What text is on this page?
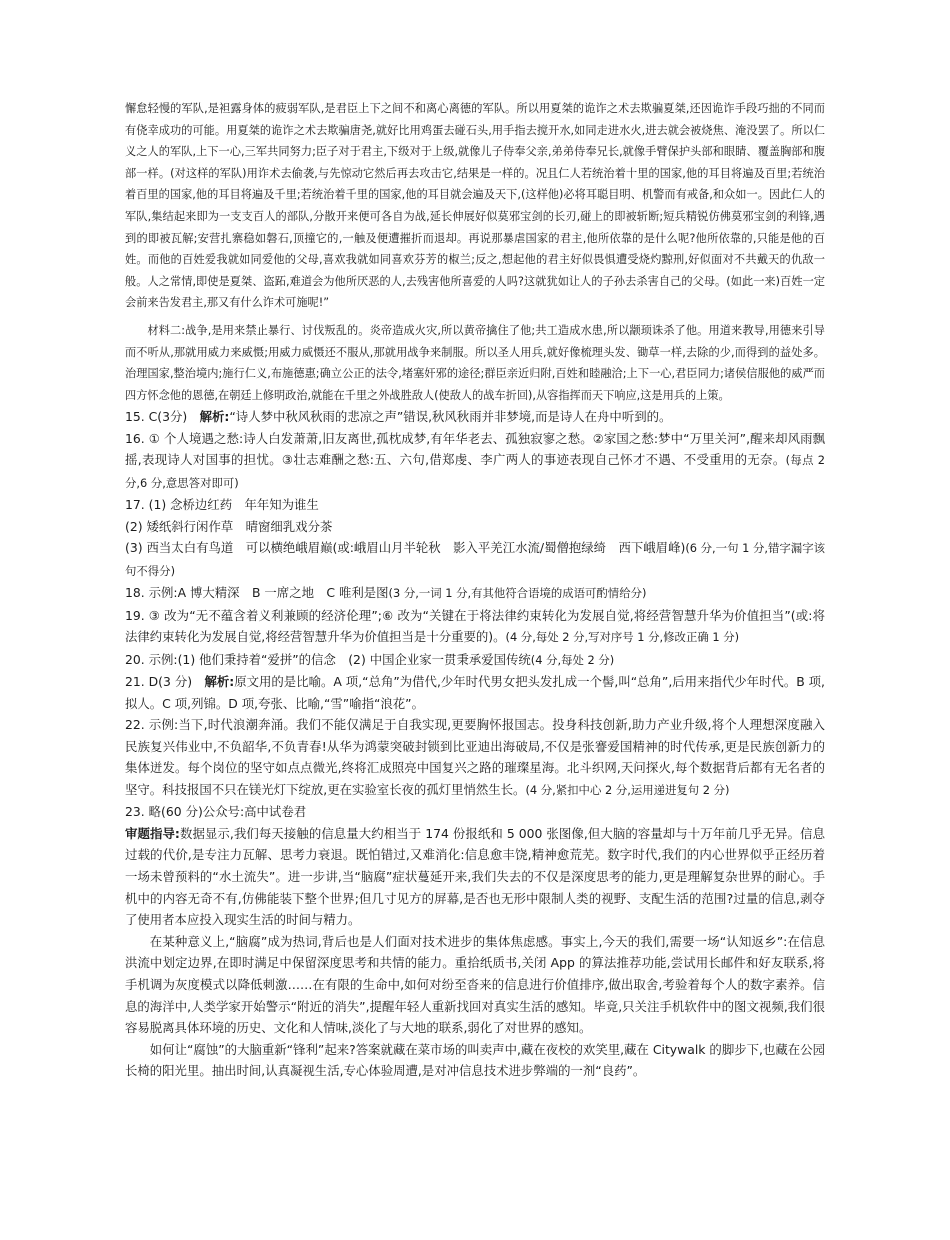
懈怠轻慢的军队,是袒露身体的疲弱军队,是君臣上下之间不和离心离德的军队。所以用夏桀的诡诈之术去欺骗夏桀,还因诡诈手段巧拙的不同而有侥幸成功的可能。用夏桀的诡诈之术去欺骗唐尧,就好比用鸡蛋去碰石头,用手指去搅开水,如同走进水火,进去就会被烧焦、淹没罢了。所以仁义之人的军队,上下一心,三军共同努力;臣子对于君主,下级对于上级,就像儿子侍奉父亲,弟弟侍奉兄长,就像手臂保护头部和眼睛、覆盖胸部和腹部一样。(对这样的军队)用诈术去偷袭,与先惊动它然后再去攻击它,结果是一样的。况且仁人若统治着十里的国家,他的耳目将遍及百里;若统治着百里的国家,他的耳目将遍及千里;若统治着千里的国家,他的耳目就会遍及天下,(这样他)必将耳聪目明、机警而有戒备,和众如一。因此仁人的军队,集结起来即为一支支百人的部队,分散开来便可各自为战,延长伸展好似莫邪宝剑的长刃,碰上的即被斩断;短兵精锐仿佛莫邪宝剑的利锋,遇到的即被瓦解;安营扎寨稳如磐石,顶撞它的,一触及便遭摧折而退却。再说那暴虐国家的君主,他所依靠的是什么呢?他所依靠的,只能是他的百姓。而他的百姓爱我就如同爱他的父母,喜欢我就如同喜欢芬芳的椒兰;反之,想起他的君主好似畏惧遭受烧灼黥刑,好似面对不共戴天的仇敌一般。人之常情,即使是夏桀、盗跖,难道会为他所厌恶的人,去残害他所喜爱的人吗?这就犹如让人的子孙去杀害自己的父母。(如此一来)百姓一定会前来告发君主,那又有什么诈术可施呢!”

材料二:战争,是用来禁止暴行、讨伐叛乱的。炎帝造成火灾,所以黄帝擒住了他;共工造成水患,所以颛顼诛杀了他。用道来教导,用德来引导而不听从,那就用威力来威慑;用威力威慑还不服从,那就用战争来制服。所以圣人用兵,就好像梳理头发、锄草一样,去除的少,而得到的益处多。治理国家,整治境内;施行仁义,布施德惠;确立公正的法令,堵塞奸邪的途径;群臣亲近归附,百姓和睦融洽;上下一心,君臣同力;诸侯信服他的威严而四方怀念他的恩德,在朝廷上修明政治,就能在千里之外战胜敌人(使敌人的战车折回),从容指挥而天下响应,这是用兵的上策。

15. C(3分)　 解析:“诗人梦中秋风秋雨的悲凉之声”错误,秋风秋雨并非梦境,而是诗人在舟中听到的。

16. ① 个人境遇之愁:诗人白发萧萧,旧友离世,孤枕成梦,有年华老去、孤独寂寥之愁。②家国之愁:梦中“万里关河”,醒来却风雨飘摇,表现诗人对国事的担忧。③壮志难酬之愁:五、六句,借郑虔、李广两人的事迹表现自己怀才不遇、不受重用的无奈。(每点 2 分,6 分,意思答对即可)

17. (1) 念桥边红药　年年知为谁生

(2) 矮纸斜行闲作草　晴窗细乳戏分茶

(3) 西当太白有鸟道　可以横绝峨眉巅(或:峨眉山月半轮秋　影入平羌江水流/蜀僧抱绿绮　西下峨眉峰)(6 分,一句 1 分,错字漏字该句不得分)

18. 示例:A 博大精深　B 一席之地　C 唯利是图(3 分,一词 1 分,有其他符合语境的成语可酌情给分)

19. ③ 改为“无不蕴含着义利兼顾的经济伦理”;⑥ 改为“关键在于将法律约束转化为发展自觉,将经营智慧升华为价值担当”(或:将法律约束转化为发展自觉,将经营智慧升华为价值担当是十分重要的)。(4 分,每处 2 分,写对序号 1 分,修改正确 1 分)

20. 示例:(1) 他们秉持着“爱拼”的信念　(2) 中国企业家一贯秉承爱国传统(4 分,每处 2 分)

21. D(3 分)　 解析:原文用的是比喻。A 项,“总角”为借代,少年时代男女把头发扎成一个髻,叫“总角”,后用来指代少年时代。B 项,拟人。C 项,列锦。D 项,夸张、比喻,“雪”喻指“浪花”。

22. 示例:当下,时代浪潮奔涌。我们不能仅满足于自我实现,更要胸怀报国志。投身科技创新,助力产业升级,将个人理想深度融入民族复兴伟业中,不负韶华,不负青春!从华为鸿蒙突破封锁到比亚迪出海破局,不仅是张謇爱国精神的时代传承,更是民族创新力的集体迸发。每个岗位的坚守如点点微光,终将汇成照亮中国复兴之路的璀璨星海。北斗织网,天问探火,每个数据背后都有无名者的坚守。科技报国不只在镁光灯下绽放,更在实验室长夜的孤灯里悄然生长。(4 分,紧扣中心 2 分,运用递进复句 2 分)

23. 略(60 分)公众号:高中试卷君

审题指导:数据显示,我们每天接触的信息量大约相当于 174 份报纸和 5 000 张图像,但大脑的容量却与十万年前几乎无异。信息过载的代价,是专注力瓦解、思考力衰退。既怕错过,又难消化:信息愈丰饶,精神愈荒芜。数字时代,我们的内心世界似乎正经历着一场未曾预料的“水土流失”。进一步讲,当“脑腐”症状蔓延开来,我们失去的不仅是深度思考的能力,更是理解复杂世界的耐心。手机中的内容无奇不有,仿佛能装下整个世界;但几寸见方的屏幕,是否也无形中限制人类的视野、支配生活的范围?过量的信息,剥夺了使用者本应投入现实生活的时间与精力。

在某种意义上,“脑腐”成为热词,背后也是人们面对技术进步的集体焦虑感。事实上,今天的我们,需要一场“认知返乡”:在信息洪流中划定边界,在即时满足中保留深度思考和共情的能力。重拾纸质书,关闭 App 的算法推荐功能,尝试用长邮件和好友联系,将手机调为灰度模式以降低刺激……在有限的生命中,如何对纷至沓来的信息进行价值排序,做出取舍,考验着每个人的数字素养。信息的海洋中,人类学家开始警示“附近的消失”,提醒年轻人重新找回对真实生活的感知。毕竟,只关注手机软件中的图文视频,我们很容易脱离具体环境的历史、文化和人情味,淡化了与大地的联系,弱化了对世界的感知。

如何让“腐蚀”的大脑重新“锋利”起来?答案就藏在菜市场的叫卖声中,藏在夜校的欢笑里,藏在 Citywalk 的脚步下,也藏在公园长椅的阳光里。抽出时间,认真凝视生活,专心体验周遭,是对冲信息技术进步弊端的一剂“良药”。
